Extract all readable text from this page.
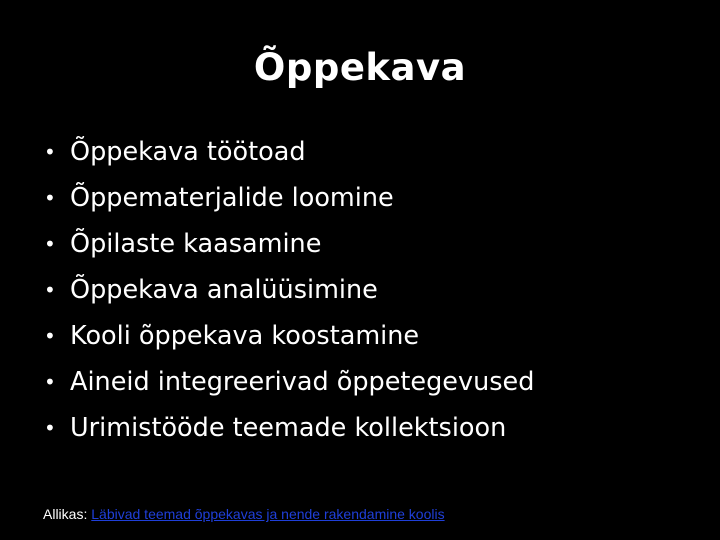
Õppekava
• Õppekava töötoad
• Õppematerjalide loomine
• Õpilaste kaasamine
• Õppekava analüüsimine
• Kooli õppekava koostamine
• Aineid integreerivad õppetegevused
• Urimistööde teemade kollektsioon
Allikas: Läbivad teemad õppekavas ja nende rakendamine koolis
